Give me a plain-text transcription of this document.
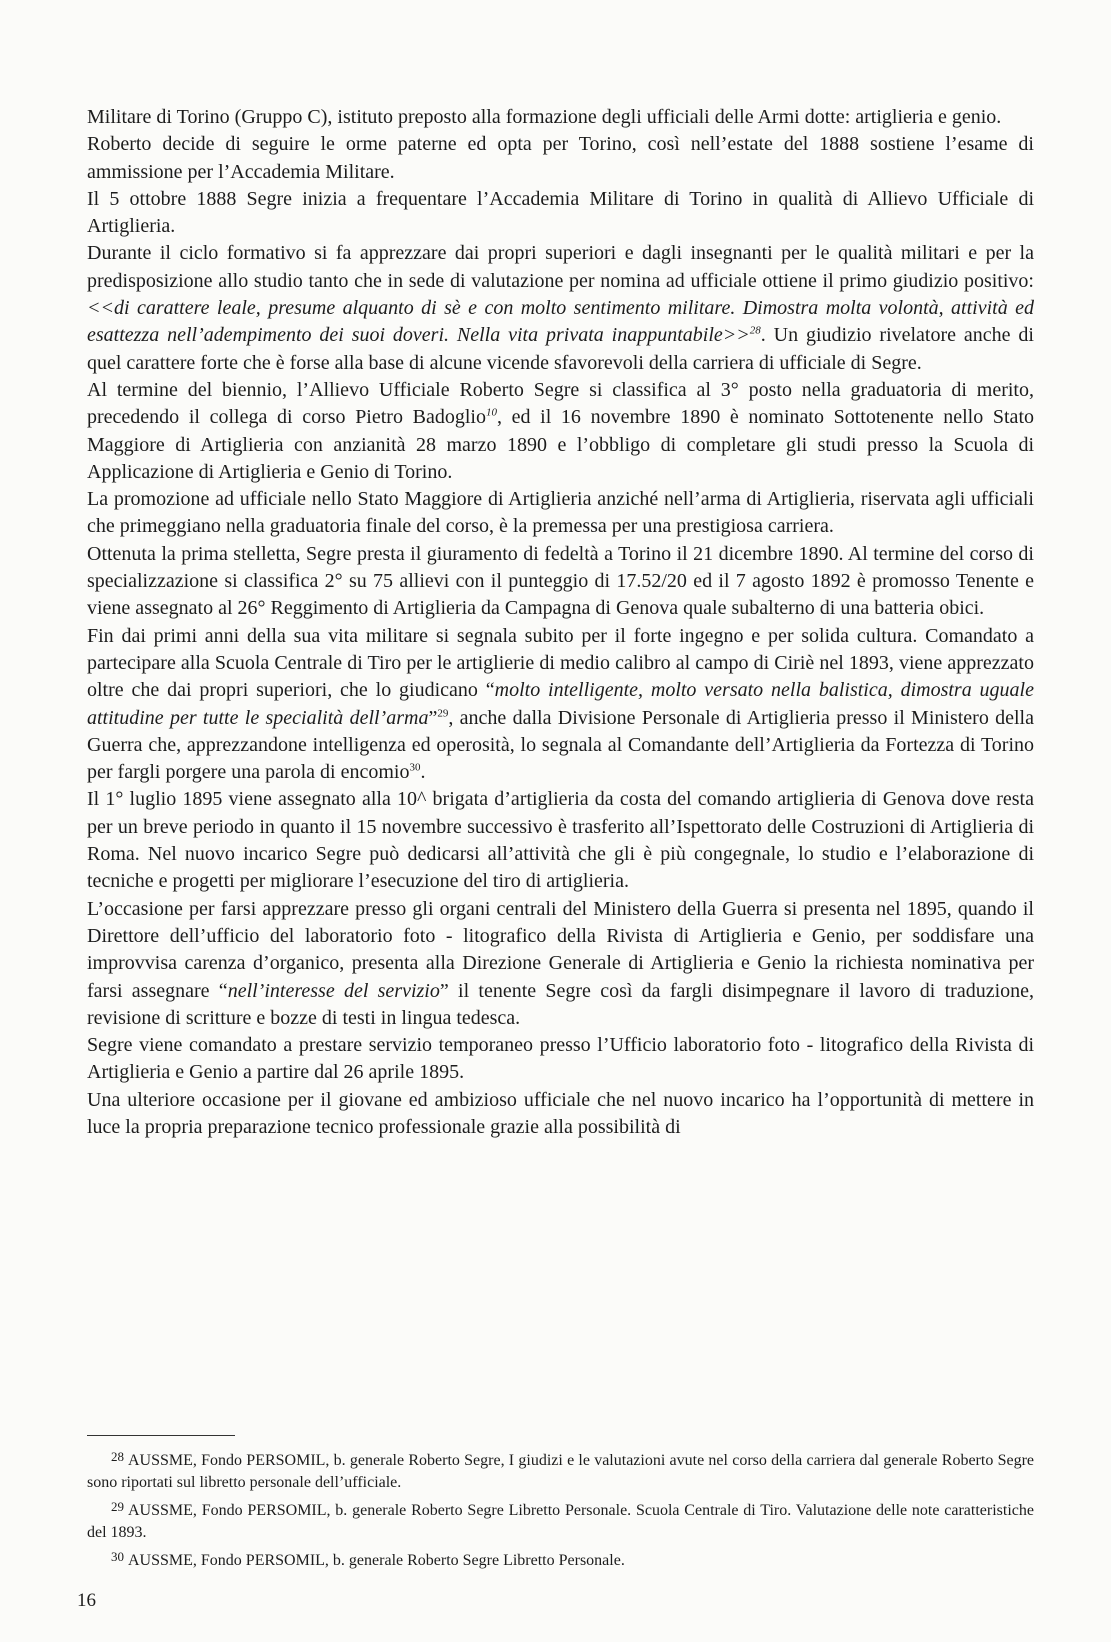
Militare di Torino (Gruppo C), istituto preposto alla formazione degli ufficiali delle Armi dotte: artiglieria e genio.

Roberto decide di seguire le orme paterne ed opta per Torino, così nell’estate del 1888 sostiene l’esame di ammissione per l’Accademia Militare.

Il 5 ottobre 1888 Segre inizia a frequentare l’Accademia Militare di Torino in qualità di Allievo Ufficiale di Artiglieria.

Durante il ciclo formativo si fa apprezzare dai propri superiori e dagli insegnanti per le qualità militari e per la predisposizione allo studio tanto che in sede di valutazione per nomina ad ufficiale ottiene il primo giudizio positivo: <<di carattere leale, presume alquanto di sè e con molto sentimento militare. Dimostra molta volontà, attività ed esattezza nell’adempimento dei suoi doveri. Nella vita privata inappuntabile>>$^{28}$. Un giudizio rivelatore anche di quel carattere forte che è forse alla base di alcune vicende sfavorevoli della carriera di ufficiale di Segre.

Al termine del biennio, l’Allievo Ufficiale Roberto Segre si classifica al 3° posto nella graduatoria di merito, precedendo il collega di corso Pietro Badoglio$^{10}$, ed il 16 novembre 1890 è nominato Sottotenente nello Stato Maggiore di Artiglieria con anzianità 28 marzo 1890 e l’obbligo di completare gli studi presso la Scuola di Applicazione di Artiglieria e Genio di Torino.

La promozione ad ufficiale nello Stato Maggiore di Artiglieria anziché nell’arma di Artiglieria, riservata agli ufficiali che primeggiano nella graduatoria finale del corso, è la premessa per una prestigiosa carriera.

Ottenuta la prima stelletta, Segre presta il giuramento di fedeltà a Torino il 21 dicembre 1890. Al termine del corso di specializzazione si classifica 2° su 75 allievi con il punteggio di 17.52/20 ed il 7 agosto 1892 è promosso Tenente e viene assegnato al 26° Reggimento di Artiglieria da Campagna di Genova quale subalterno di una batteria obici.

Fin dai primi anni della sua vita militare si segnala subito per il forte ingegno e per solida cultura. Comandato a partecipare alla Scuola Centrale di Tiro per le artiglierie di medio calibro al campo di Ciriè nel 1893, viene apprezzato oltre che dai propri superiori, che lo giudicano “molto intelligente, molto versato nella balistica, dimostra uguale attitudine per tutte le specialità dell’arma”$^{29}$, anche dalla Divisione Personale di Artiglieria presso il Ministero della Guerra che, apprezzandone intelligenza ed operosità, lo segnala al Comandante dell’Artiglieria da Fortezza di Torino per fargli porgere una parola di encomio$^{30}$.

Il 1° luglio 1895 viene assegnato alla 10^ brigata d’artiglieria da costa del comando artiglieria di Genova dove resta per un breve periodo in quanto il 15 novembre successivo è trasferito all’Ispettorato delle Costruzioni di Artiglieria di Roma. Nel nuovo incarico Segre può dedicarsi all’attività che gli è più congegnale, lo studio e l’elaborazione di tecniche e progetti per migliorare l’esecuzione del tiro di artiglieria.

L’occasione per farsi apprezzare presso gli organi centrali del Ministero della Guerra si presenta nel 1895, quando il Direttore dell’ufficio del laboratorio foto - litografico della Rivista di Artiglieria e Genio, per soddisfare una improvvisa carenza d’organico, presenta alla Direzione Generale di Artiglieria e Genio la richiesta nominativa per farsi assegnare “nell’interesse del servizio” il tenente Segre così da fargli disimpegnare il lavoro di traduzione, revisione di scritture e bozze di testi in lingua tedesca.

Segre viene comandato a prestare servizio temporaneo presso l’Ufficio laboratorio foto - litografico della Rivista di Artiglieria e Genio a partire dal 26 aprile 1895.

Una ulteriore occasione per il giovane ed ambizioso ufficiale che nel nuovo incarico ha l’opportunità di mettere in luce la propria preparazione tecnico professionale grazie alla possibilità di

$^{28}$ AUSSME, Fondo PERSOMIL, b. generale Roberto Segre, I giudizi e le valutazioni avute nel corso della carriera dal generale Roberto Segre sono riportati sul libretto personale dell’ufficiale.

$^{29}$ AUSSME, Fondo PERSOMIL, b. generale Roberto Segre Libretto Personale. Scuola Centrale di Tiro. Valutazione delle note caratteristiche del 1893.

$^{30}$ AUSSME, Fondo PERSOMIL, b. generale Roberto Segre Libretto Personale.

16
